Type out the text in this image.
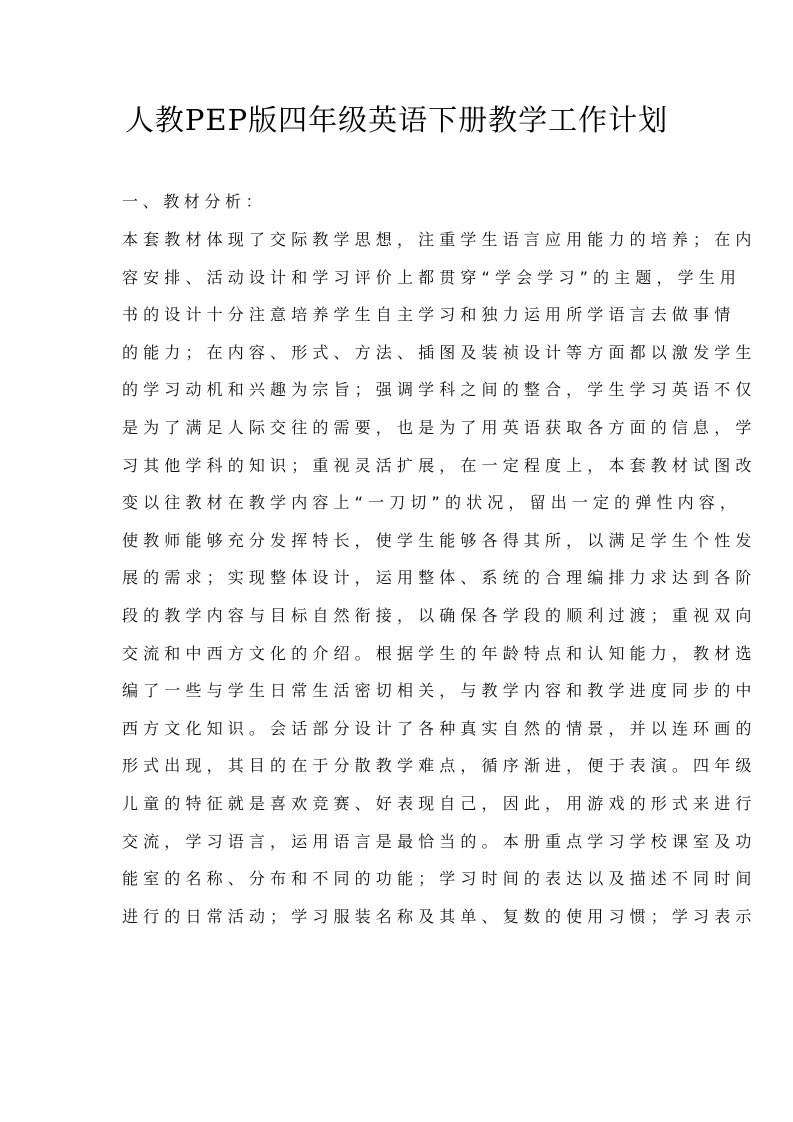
人教PEP版四年级英语下册教学工作计划
一、教材分析：
本套教材体现了交际教学思想，注重学生语言应用能力的培养；在内
容安排、活动设计和学习评价上都贯穿“学会学习”的主题，学生用
书的设计十分注意培养学生自主学习和独力运用所学语言去做事情
的能力；在内容、形式、方法、插图及装祯设计等方面都以激发学生
的学习动机和兴趣为宗旨；强调学科之间的整合，学生学习英语不仅
是为了满足人际交往的需要，也是为了用英语获取各方面的信息，学
习其他学科的知识；重视灵活扩展，在一定程度上，本套教材试图改
变以往教材在教学内容上“一刀切”的状况，留出一定的弹性内容，
使教师能够充分发挥特长，使学生能够各得其所，以满足学生个性发
展的需求；实现整体设计，运用整体、系统的合理编排力求达到各阶
段的教学内容与目标自然衔接，以确保各学段的顺利过渡；重视双向
交流和中西方文化的介绍。根据学生的年龄特点和认知能力，教材选
编了一些与学生日常生活密切相关，与教学内容和教学进度同步的中
西方文化知识。会话部分设计了各种真实自然的情景，并以连环画的
形式出现，其目的在于分散教学难点，循序渐进，便于表演。四年级
儿童的特征就是喜欢竞赛、好表现自己，因此，用游戏的形式来进行
交流，学习语言，运用语言是最恰当的。本册重点学习学校课室及功
能室的名称、分布和不同的功能；学习时间的表达以及描述不同时间
进行的日常活动；学习服装名称及其单、复数的使用习惯；学习表示
